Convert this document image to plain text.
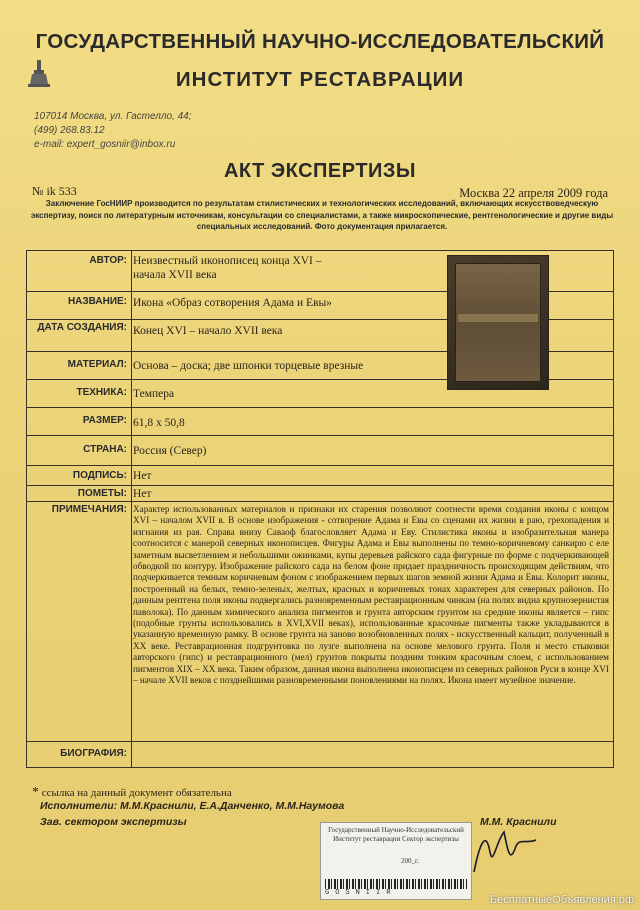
ГОСУДАРСТВЕННЫЙ НАУЧНО-ИССЛЕДОВАТЕЛЬСКИЙ
ИНСТИТУТ РЕСТАВРАЦИИ
107014 Москва, ул. Гастелло, 44;
(499) 268.83.12
e-mail: expert_gosniir@inbox.ru
АКТ ЭКСПЕРТИЗЫ
№ ik 533	Москва 22 апреля 2009 года
Заключение ГосНИИР производится по результатам стилистических и технологических исследований, включающих искусствоведческую экспертизу, поиск по литературным источникам, консультации со специалистами, а также микроскопические, рентгенологические и другие виды специальных исследований. Фото документация прилагается.
АВТОР: Неизвестный иконописец конца XVI – начала XVII века
НАЗВАНИЕ: Икона «Образ сотворения Адама и Евы»
ДАТА СОЗДАНИЯ: Конец XVI – начало XVII века
МАТЕРИАЛ: Основа – доска; две шпонки торцевые врезные
ТЕХНИКА: Темпера
РАЗМЕР: 61,8 х 50,8
СТРАНА: Россия (Север)
ПОДПИСЬ: Нет
ПОМЕТЫ: Нет
ПРИМЕЧАНИЯ: Характер использованных материалов и признаки их старения позволяют соотнести время создания иконы с концом XVI – началом XVII в. В основе изображения - сотворение Адама и Евы со сценами их жизни в раю, грехопадения и изгнания из рая. Справа внизу Саваоф благословляет Адама и Еву. Стилистика иконы и изобразительная манера соотносится с манерой северных иконописцев. Фигуры Адама и Евы выполнены по темно-коричневому санкирю с еле заметным высветлением и небольшими ожинками, купы деревьев райского сада фигурные по форме с подчеркивающей обводкой по контуру. Изображение райского сада на белом фоне придает праздничность происходящим действиям, что подчеркивается темным коричневым фоном с изображением первых шагов земной жизни Адама и Евы. Колорит иконы, построенный на белых, темно-зеленых, желтых, красных и коричневых тонах характерен для северных районов. По данным рентгена поля иконы подвергались разновременным реставрационным чинкам (на полях видна крупнозернистая паволока). По данным химического анализа пигментов и грунта авторским грунтом на средние иконы является – гипс (подобные грунты использовались в XVI,XVII веках), использованные красочные пигменты также укладываются в указанную временную рамку. В основе грунта на заново возобновленных полях - искусственный кальцит, полученный в XX веке. Реставрационная подгрунтовка по лузге выполнена на основе мелового грунта. Поля и место стыковки авторского (гипс) и реставрационного (мел) грунтов покрыты поздним тонким красочным слоем, с использованием пигментов XIX – XX века. Таким образом, данная икона выполнена иконописцем из северных районов Руси в конце XVI – начале XVII веков с позднейшими разновременными поновлениями на полях. Икона имеет музейное значение.
БИОГРАФИЯ:
* ссылка на данный документ обязательна
Исполнители: М.М.Краснили, Е.А.Данченко, М.М.Наумова
Зав. сектором экспертизы	М.М. Краснили
Государственный Научно-Исследовательский Институт реставрации Сектор экспертизы
200_г.
GOSNIIR
БесплатныеОбъявления.рф
